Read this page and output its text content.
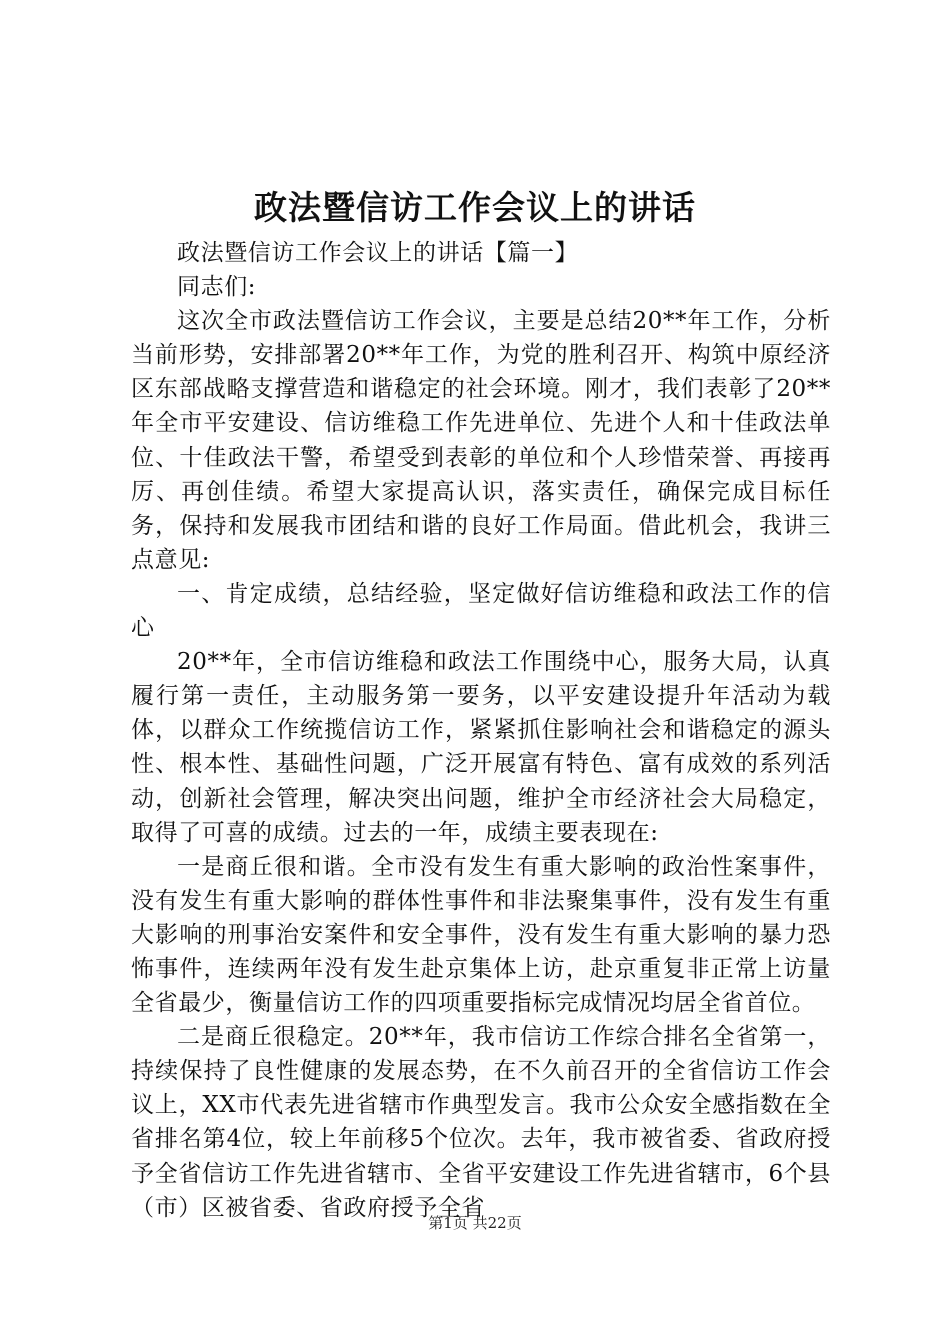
政法暨信访工作会议上的讲话

政法暨信访工作会议上的讲话【篇一】

同志们:

这次全市政法暨信访工作会议，主要是总结20**年工作，分析当前形势，安排部署20**年工作，为党的胜利召开、构筑中原经济区东部战略支撑营造和谐稳定的社会环境。刚才，我们表彰了20**年全市平安建设、信访维稳工作先进单位、先进个人和十佳政法单位、十佳政法干警，希望受到表彰的单位和个人珍惜荣誉、再接再厉、再创佳绩。希望大家提高认识，落实责任，确保完成目标任务，保持和发展我市团结和谐的良好工作局面。借此机会，我讲三点意见:

一、肯定成绩，总结经验，坚定做好信访维稳和政法工作的信心

20**年，全市信访维稳和政法工作围绕中心，服务大局，认真履行第一责任，主动服务第一要务，以平安建设提升年活动为载体，以群众工作统揽信访工作，紧紧抓住影响社会和谐稳定的源头性、根本性、基础性问题，广泛开展富有特色、富有成效的系列活动，创新社会管理，解决突出问题，维护全市经济社会大局稳定，取得了可喜的成绩。过去的一年，成绩主要表现在:

一是商丘很和谐。全市没有发生有重大影响的政治性案事件，没有发生有重大影响的群体性事件和非法聚集事件，没有发生有重大影响的刑事治安案件和安全事件，没有发生有重大影响的暴力恐怖事件，连续两年没有发生赴京集体上访，赴京重复非正常上访量全省最少，衡量信访工作的四项重要指标完成情况均居全省首位。

二是商丘很稳定。20**年，我市信访工作综合排名全省第一，持续保持了良性健康的发展态势，在不久前召开的全省信访工作会议上，XX市代表先进省辖市作典型发言。我市公众安全感指数在全省排名第4位，较上年前移5个位次。去年，我市被省委、省政府授予全省信访工作先进省辖市、全省平安建设工作先进省辖市，6个县（市）区被省委、省政府授予全省

第1页 共22页
